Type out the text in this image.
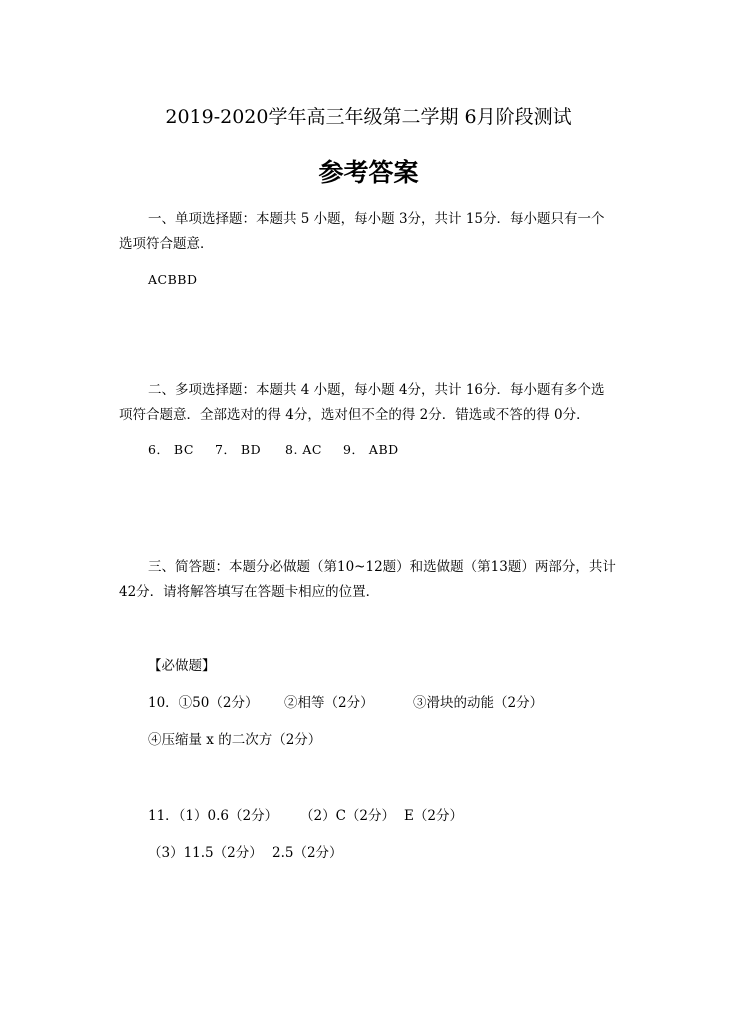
2019-2020学年高三年级第二学期 6月阶段测试
参考答案
一、单项选择题：本题共 5 小题，每小题 3分，共计 15分．每小题只有一个
选项符合题意．
ACBBD
二、多项选择题：本题共 4 小题，每小题 4分，共计 16分．每小题有多个选
项符合题意．全部选对的得 4分，选对但不全的得 2分．错选或不答的得 0分．
6． BC 7． BD 8. AC 9． ABD
三、简答题：本题分必做题（第10~12题）和选做题（第13题）两部分，共计
42分．请将解答填写在答题卡相应的位置．
【必做题】
10．①50（2分） ②相等（2分）	③滑块的动能（2分）
④压缩量 x 的二次方（2分）
11．（1）0.6（2分） （2）C（2分） E（2分）
（3）11.5（2分） 2.5（2分）
